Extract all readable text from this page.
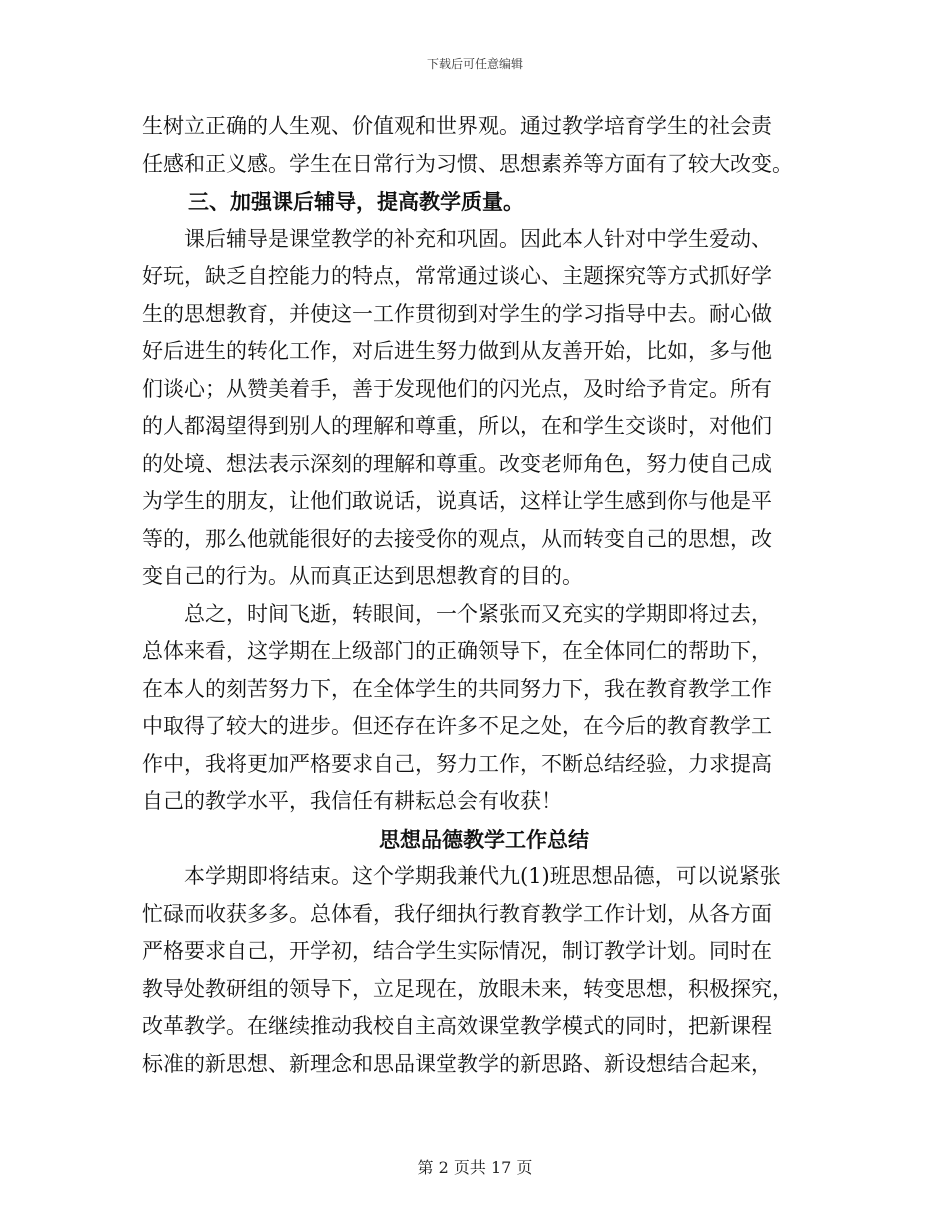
下载后可任意编辑
生树立正确的人生观、价值观和世界观。通过教学培育学生的社会责
任感和正义感。学生在日常行为习惯、思想素养等方面有了较大改变。
三、加强课后辅导，提高教学质量。
　　课后辅导是课堂教学的补充和巩固。因此本人针对中学生爱动、
好玩，缺乏自控能力的特点，常常通过谈心、主题探究等方式抓好学
生的思想教育，并使这一工作贯彻到对学生的学习指导中去。耐心做
好后进生的转化工作，对后进生努力做到从友善开始，比如，多与他
们谈心；从赞美着手，善于发现他们的闪光点，及时给予肯定。所有
的人都渴望得到别人的理解和尊重，所以，在和学生交谈时，对他们
的处境、想法表示深刻的理解和尊重。改变老师角色，努力使自己成
为学生的朋友，让他们敢说话，说真话，这样让学生感到你与他是平
等的，那么他就能很好的去接受你的观点，从而转变自己的思想，改
变自己的行为。从而真正达到思想教育的目的。
　　总之，时间飞逝，转眼间，一个紧张而又充实的学期即将过去，
总体来看，这学期在上级部门的正确领导下，在全体同仁的帮助下，
在本人的刻苦努力下，在全体学生的共同努力下，我在教育教学工作
中取得了较大的进步。但还存在许多不足之处，在今后的教育教学工
作中，我将更加严格要求自己，努力工作，不断总结经验，力求提高
自己的教学水平，我信任有耕耘总会有收获！
思想品德教学工作总结
　　本学期即将结束。这个学期我兼代九(1)班思想品德，可以说紧张
忙碌而收获多多。总体看，我仔细执行教育教学工作计划，从各方面
严格要求自己，开学初，结合学生实际情况，制订教学计划。同时在
教导处教研组的领导下，立足现在，放眼未来，转变思想，积极探究，
改革教学。在继续推动我校自主高效课堂教学模式的同时，把新课程
标准的新思想、新理念和思品课堂教学的新思路、新设想结合起来，
第 2 页共 17 页
